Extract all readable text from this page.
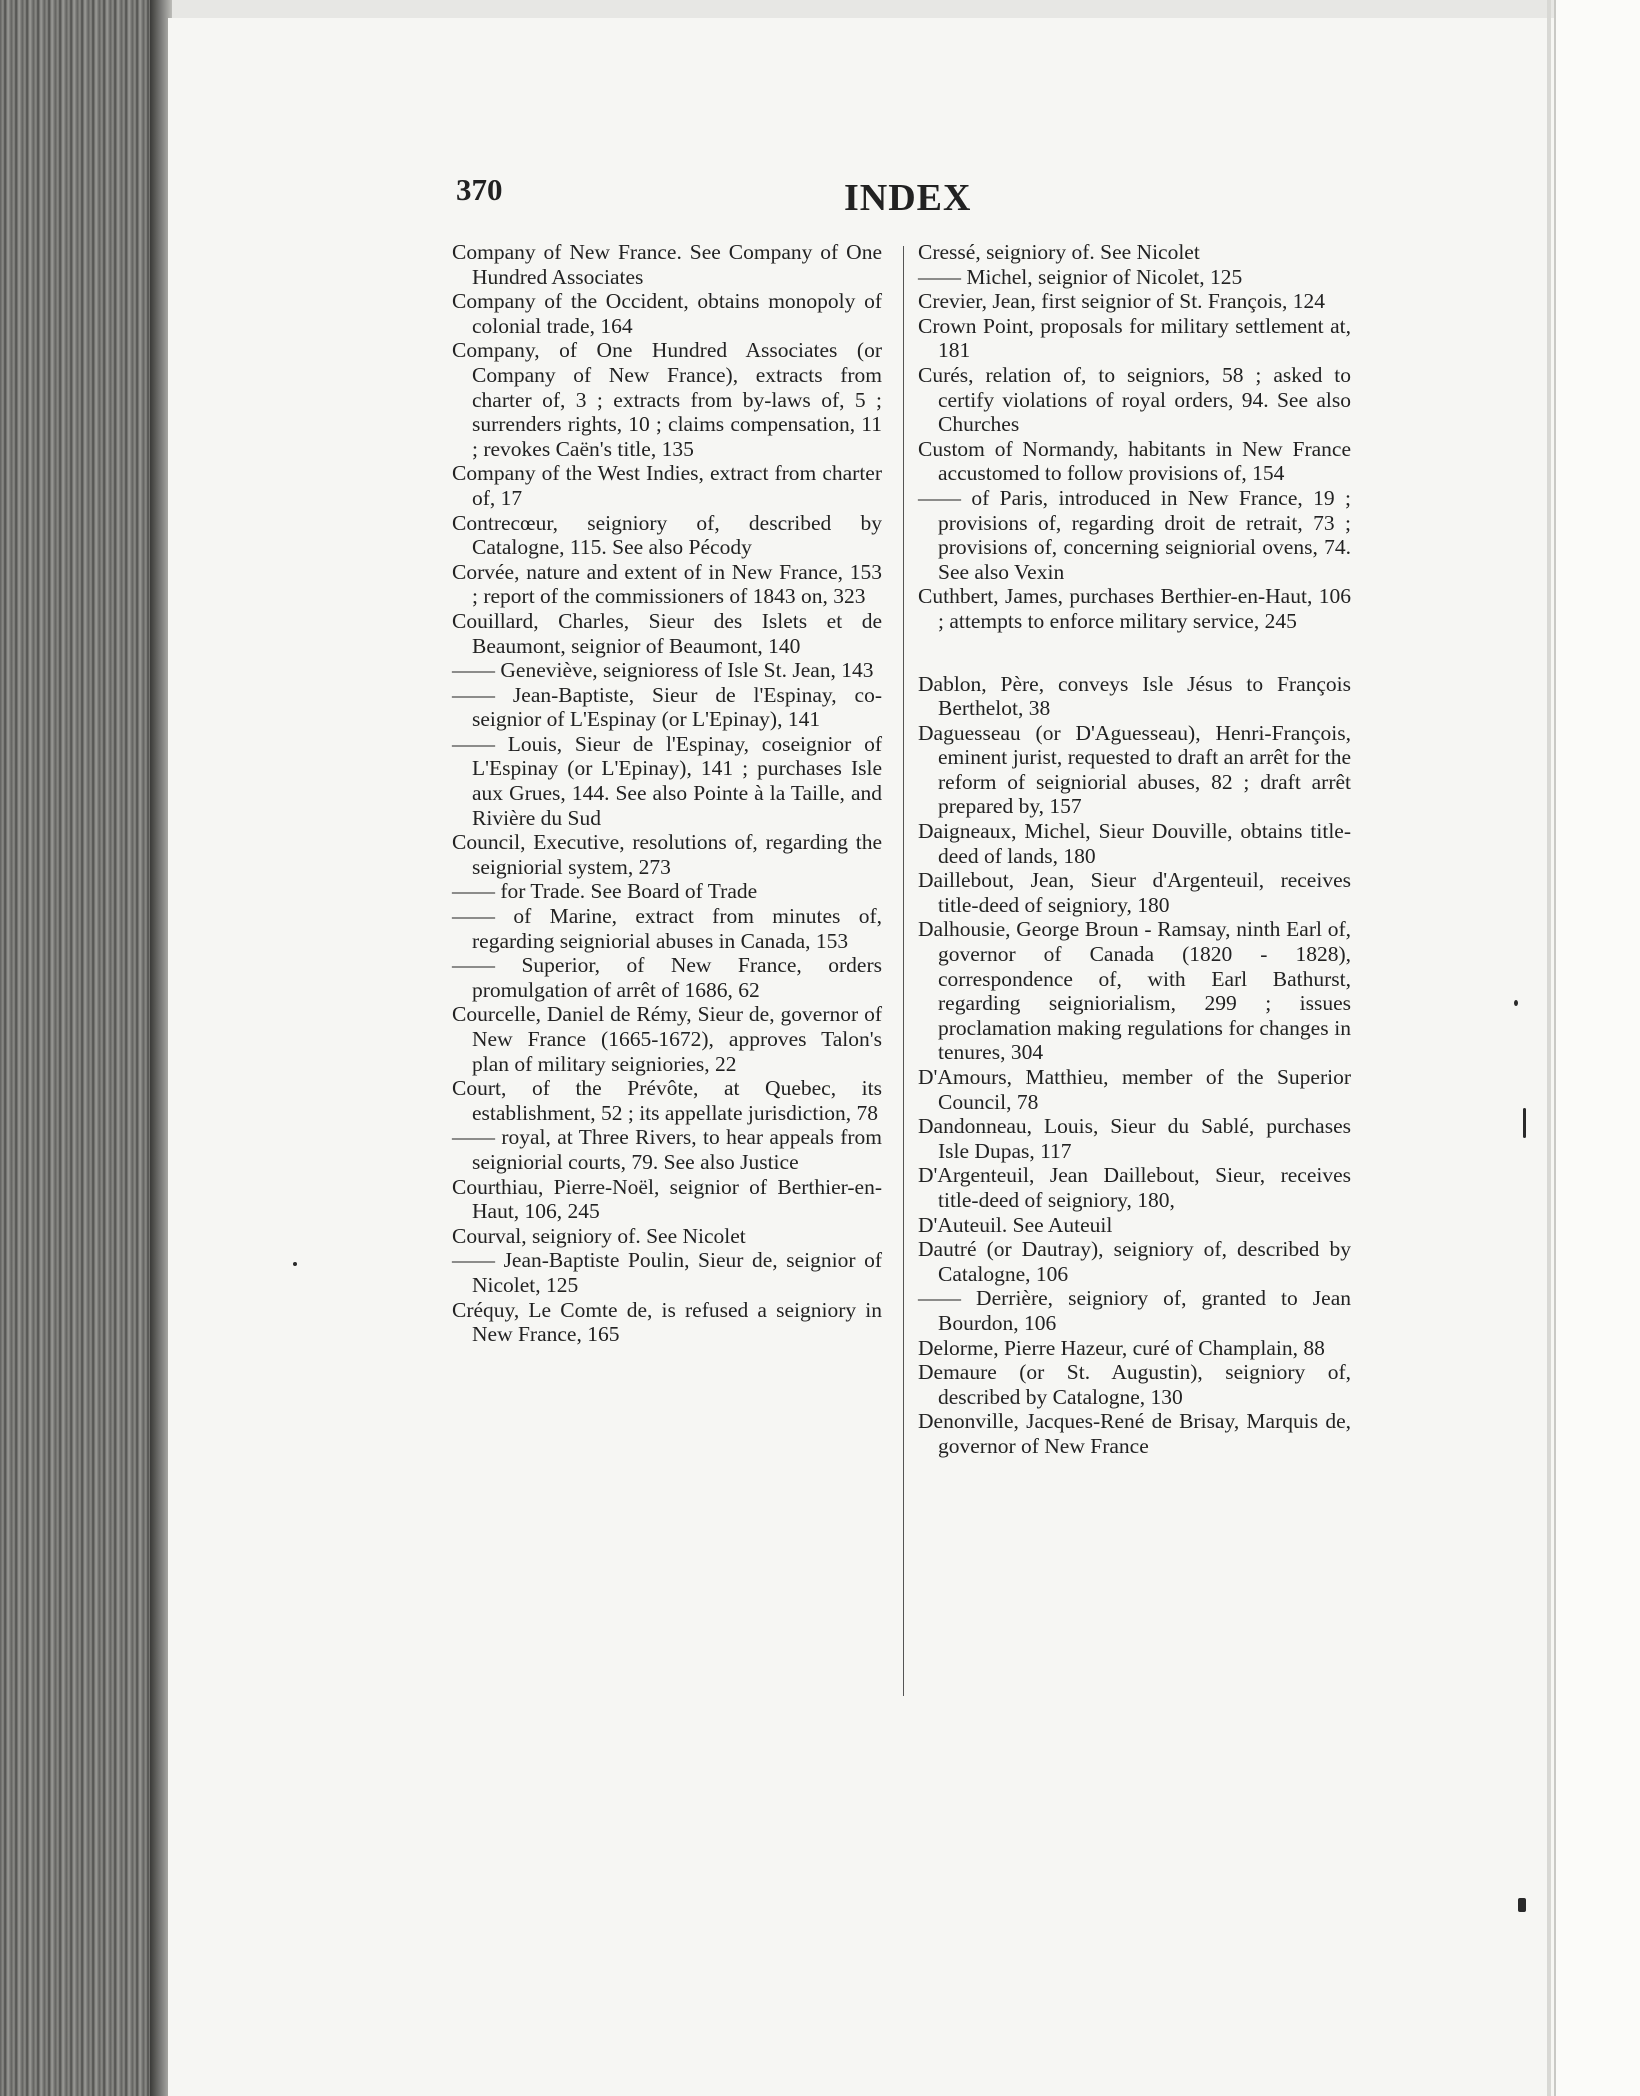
370	INDEX

Company of New France. See Company of One Hundred Associates

Company of the Occident, obtains monopoly of colonial trade, 164

Company, of One Hundred Associates (or Company of New France), extracts from charter of, 3 ; extracts from by-laws of, 5 ; surrenders rights, 10 ; claims compensation, 11 ; revokes Caën's title, 135

Company of the West Indies, extract from charter of, 17

Contrecœur, seigniory of, described by Catalogne, 115. See also Pécody

Corvée, nature and extent of in New France, 153 ; report of the commissioners of 1843 on, 323

Couillard, Charles, Sieur des Islets et de Beaumont, seignior of Beaumont, 140

—— Geneviève, seignioress of Isle St. Jean, 143

—— Jean-Baptiste, Sieur de l'Espinay, co-seignior of L'Espinay (or L'Epinay), 141

—— Louis, Sieur de l'Espinay, coseignior of L'Espinay (or L'Epinay), 141 ; purchases Isle aux Grues, 144. See also Pointe à la Taille, and Rivière du Sud

Council, Executive, resolutions of, regarding the seigniorial system, 273

—— for Trade. See Board of Trade

—— of Marine, extract from minutes of, regarding seigniorial abuses in Canada, 153

—— Superior, of New France, orders promulgation of arrêt of 1686, 62

Courcelle, Daniel de Rémy, Sieur de, governor of New France (1665-1672), approves Talon's plan of military seigniories, 22

Court, of the Prévôte, at Quebec, its establishment, 52 ; its appellate jurisdiction, 78

—— royal, at Three Rivers, to hear appeals from seigniorial courts, 79. See also Justice

Courthiau, Pierre-Noël, seignior of Berthier-en-Haut, 106, 245

Courval, seigniory of. See Nicolet

—— Jean-Baptiste Poulin, Sieur de, seignior of Nicolet, 125

Créquy, Le Comte de, is refused a seigniory in New France, 165

Cressé, seigniory of. See Nicolet

—— Michel, seignior of Nicolet, 125

Crevier, Jean, first seignior of St. François, 124

Crown Point, proposals for military settlement at, 181

Curés, relation of, to seigniors, 58 ; asked to certify violations of royal orders, 94. See also Churches

Custom of Normandy, habitants in New France accustomed to follow provisions of, 154

—— of Paris, introduced in New France, 19 ; provisions of, regarding droit de retrait, 73 ; provisions of, concerning seigniorial ovens, 74. See also Vexin

Cuthbert, James, purchases Berthier-en-Haut, 106 ; attempts to enforce military service, 245

Dablon, Père, conveys Isle Jésus to François Berthelot, 38

Daguesseau (or D'Aguesseau), Henri-François, eminent jurist, requested to draft an arrêt for the reform of seigniorial abuses, 82 ; draft arrêt prepared by, 157

Daigneaux, Michel, Sieur Douville, obtains title-deed of lands, 180

Daillebout, Jean, Sieur d'Argenteuil, receives title-deed of seigniory, 180

Dalhousie, George Broun - Ramsay, ninth Earl of, governor of Canada (1820 - 1828), correspondence of, with Earl Bathurst, regarding seigniorialism, 299 ; issues proclamation making regulations for changes in tenures, 304

D'Amours, Matthieu, member of the Superior Council, 78

Dandonneau, Louis, Sieur du Sablé, purchases Isle Dupas, 117

D'Argenteuil, Jean Daillebout, Sieur, receives title-deed of seigniory, 180,

D'Auteuil. See Auteuil

Dautré (or Dautray), seigniory of, described by Catalogne, 106

—— Derrière, seigniory of, granted to Jean Bourdon, 106

Delorme, Pierre Hazeur, curé of Champlain, 88

Demaure (or St. Augustin), seigniory of, described by Catalogne, 130

Denonville, Jacques-René de Brisay, Marquis de, governor of New France
